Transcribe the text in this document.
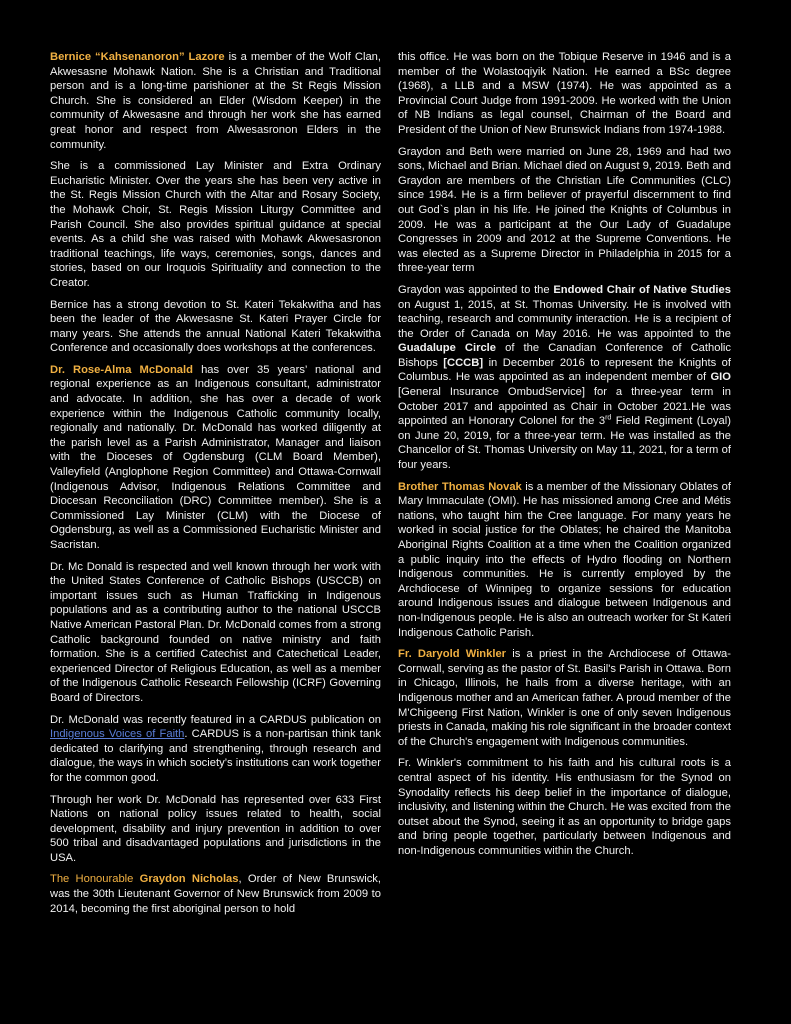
Bernice “Kahsenanoron” Lazore is a member of the Wolf Clan, Akwesasne Mohawk Nation. She is a Christian and Traditional person and is a long-time parishioner at the St Regis Mission Church. She is considered an Elder (Wisdom Keeper) in the community of Akwesasne and through her work she has earned great honor and respect from Alwesasronon Elders in the community.

She is a commissioned Lay Minister and Extra Ordinary Eucharistic Minister. Over the years she has been very active in the St. Regis Mission Church with the Altar and Rosary Society, the Mohawk Choir, St. Regis Mission Liturgy Committee and Parish Council. She also provides spiritual guidance at special events. As a child she was raised with Mohawk Akwesasronon traditional teachings, life ways, ceremonies, songs, dances and stories, based on our Iroquois Spirituality and connection to the Creator.

Bernice has a strong devotion to St. Kateri Tekakwitha and has been the leader of the Akwesasne St. Kateri Prayer Circle for many years. She attends the annual National Kateri Tekakwitha Conference and occasionally does workshops at the conferences.

Dr. Rose-Alma McDonald has over 35 years’ national and regional experience as an Indigenous consultant, administrator and advocate. In addition, she has over a decade of work experience within the Indigenous Catholic community locally, regionally and nationally. Dr. McDonald has worked diligently at the parish level as a Parish Administrator, Manager and liaison with the Dioceses of Ogdensburg (CLM Board Member), Valleyfield (Anglophone Region Committee) and Ottawa-Cornwall (Indigenous Advisor, Indigenous Relations Committee and Diocesan Reconciliation (DRC) Committee member). She is a Commissioned Lay Minister (CLM) with the Diocese of Ogdensburg, as well as a Commissioned Eucharistic Minister and Sacristan.

Dr. Mc Donald is respected and well known through her work with the United States Conference of Catholic Bishops (USCCB) on important issues such as Human Trafficking in Indigenous populations and as a contributing author to the national USCCB Native American Pastoral Plan. Dr. McDonald comes from a strong Catholic background founded on native ministry and faith formation. She is a certified Catechist and Catechetical Leader, experienced Director of Religious Education, as well as a member of the Indigenous Catholic Research Fellowship (ICRF) Governing Board of Directors.

Dr. McDonald was recently featured in a CARDUS publication on Indigenous Voices of Faith. CARDUS is a non-partisan think tank dedicated to clarifying and strengthening, through research and dialogue, the ways in which society’s institutions can work together for the common good.

Through her work Dr. McDonald has represented over 633 First Nations on national policy issues related to health, social development, disability and injury prevention in addition to over 500 tribal and disadvantaged populations and jurisdictions in the USA.

The Honourable Graydon Nicholas, Order of New Brunswick, was the 30th Lieutenant Governor of New Brunswick from 2009 to 2014, becoming the first aboriginal person to hold

this office. He was born on the Tobique Reserve in 1946 and is a member of the Wolastoqiyik Nation. He earned a BSc degree (1968), a LLB and a MSW (1974). He was appointed as a Provincial Court Judge from 1991-2009. He worked with the Union of NB Indians as legal counsel, Chairman of the Board and President of the Union of New Brunswick Indians from 1974-1988.

Graydon and Beth were married on June 28, 1969 and had two sons, Michael and Brian. Michael died on August 9, 2019. Beth and Graydon are members of the Christian Life Communities (CLC) since 1984. He is a firm believer of prayerful discernment to find out God`s plan in his life. He joined the Knights of Columbus in 2009. He was a participant at the Our Lady of Guadalupe Congresses in 2009 and 2012 at the Supreme Conventions. He was elected as a Supreme Director in Philadelphia in 2015 for a three-year term

Graydon was appointed to the Endowed Chair of Native Studies on August 1, 2015, at St. Thomas University. He is involved with teaching, research and community interaction. He is a recipient of the Order of Canada on May 2016. He was appointed to the Guadalupe Circle of the Canadian Conference of Catholic Bishops [CCCB] in December 2016 to represent the Knights of Columbus. He was appointed as an independent member of GIO [General Insurance OmbudService] for a three-year term in October 2017 and appointed as Chair in October 2021.He was appointed an Honorary Colonel for the 3rd Field Regiment (Loyal) on June 20, 2019, for a three-year term. He was installed as the Chancellor of St. Thomas University on May 11, 2021, for a term of four years.

Brother Thomas Novak is a member of the Missionary Oblates of Mary Immaculate (OMI). He has missioned among Cree and Métis nations, who taught him the Cree language. For many years he worked in social justice for the Oblates; he chaired the Manitoba Aboriginal Rights Coalition at a time when the Coalition organized a public inquiry into the effects of Hydro flooding on Northern Indigenous communities. He is currently employed by the Archdiocese of Winnipeg to organize sessions for education around Indigenous issues and dialogue between Indigenous and non-Indigenous people. He is also an outreach worker for St Kateri Indigenous Catholic Parish.

Fr. Daryold Winkler is a priest in the Archdiocese of Ottawa-Cornwall, serving as the pastor of St. Basil's Parish in Ottawa. Born in Chicago, Illinois, he hails from a diverse heritage, with an Indigenous mother and an American father. A proud member of the M'Chigeeng First Nation, Winkler is one of only seven Indigenous priests in Canada, making his role significant in the broader context of the Church's engagement with Indigenous communities.

Fr. Winkler's commitment to his faith and his cultural roots is a central aspect of his identity. His enthusiasm for the Synod on Synodality reflects his deep belief in the importance of dialogue, inclusivity, and listening within the Church. He was excited from the outset about the Synod, seeing it as an opportunity to bridge gaps and bring people together, particularly between Indigenous and non-Indigenous communities within the Church.
